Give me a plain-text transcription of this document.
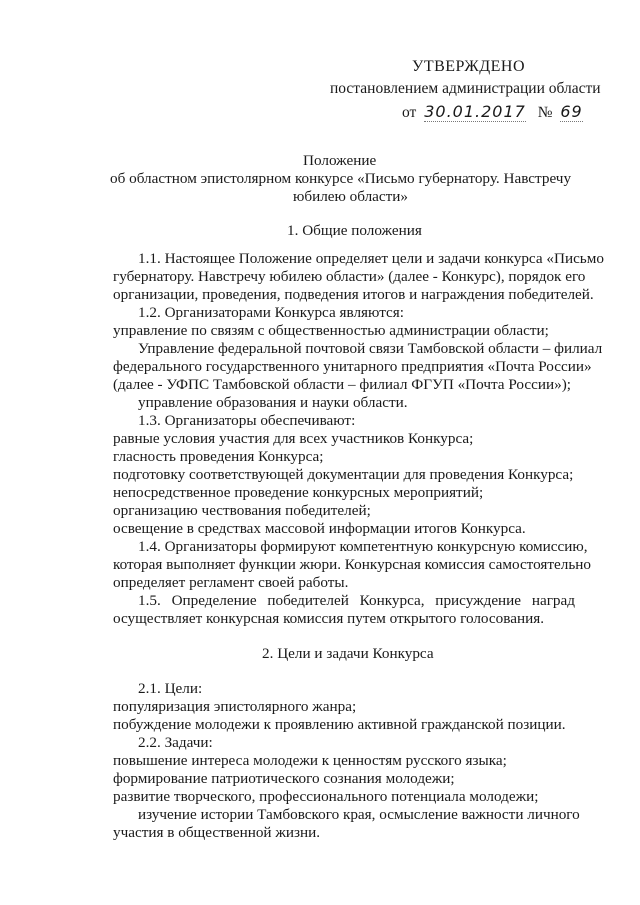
УТВЕРЖДЕНО
постановлением администрации области
от 30.01.2017 № 69
Положение
об областном эпистолярном конкурсе «Письмо губернатору. Навстречу
юбилею области»
1. Общие положения
1.1. Настоящее Положение определяет цели и задачи конкурса «Письмо
губернатору. Навстречу юбилею области» (далее - Конкурс), порядок его
организации, проведения, подведения итогов и награждения победителей.
1.2. Организаторами Конкурса являются:
управление по связям с общественностью администрации области;
Управление федеральной почтовой связи Тамбовской области – филиал
федерального государственного унитарного предприятия «Почта России»
(далее - УФПС Тамбовской области – филиал ФГУП «Почта России»);
управление образования и науки области.
1.3. Организаторы обеспечивают:
равные условия участия для всех участников Конкурса;
гласность проведения Конкурса;
подготовку соответствующей документации для проведения Конкурса;
непосредственное проведение конкурсных мероприятий;
организацию чествования победителей;
освещение в средствах массовой информации итогов Конкурса.
1.4. Организаторы формируют компетентную конкурсную комиссию,
которая выполняет функции жюри. Конкурсная комиссия самостоятельно
определяет регламент своей работы.
1.5. Определение победителей Конкурса, присуждение наград
осуществляет конкурсная комиссия путем открытого голосования.
2. Цели и задачи Конкурса
2.1. Цели:
популяризация эпистолярного жанра;
побуждение молодежи к проявлению активной гражданской позиции.
2.2. Задачи:
повышение интереса молодежи к ценностям русского языка;
формирование патриотического сознания молодежи;
развитие творческого, профессионального потенциала молодежи;
изучение истории Тамбовского края, осмысление важности личного
участия в общественной жизни.
